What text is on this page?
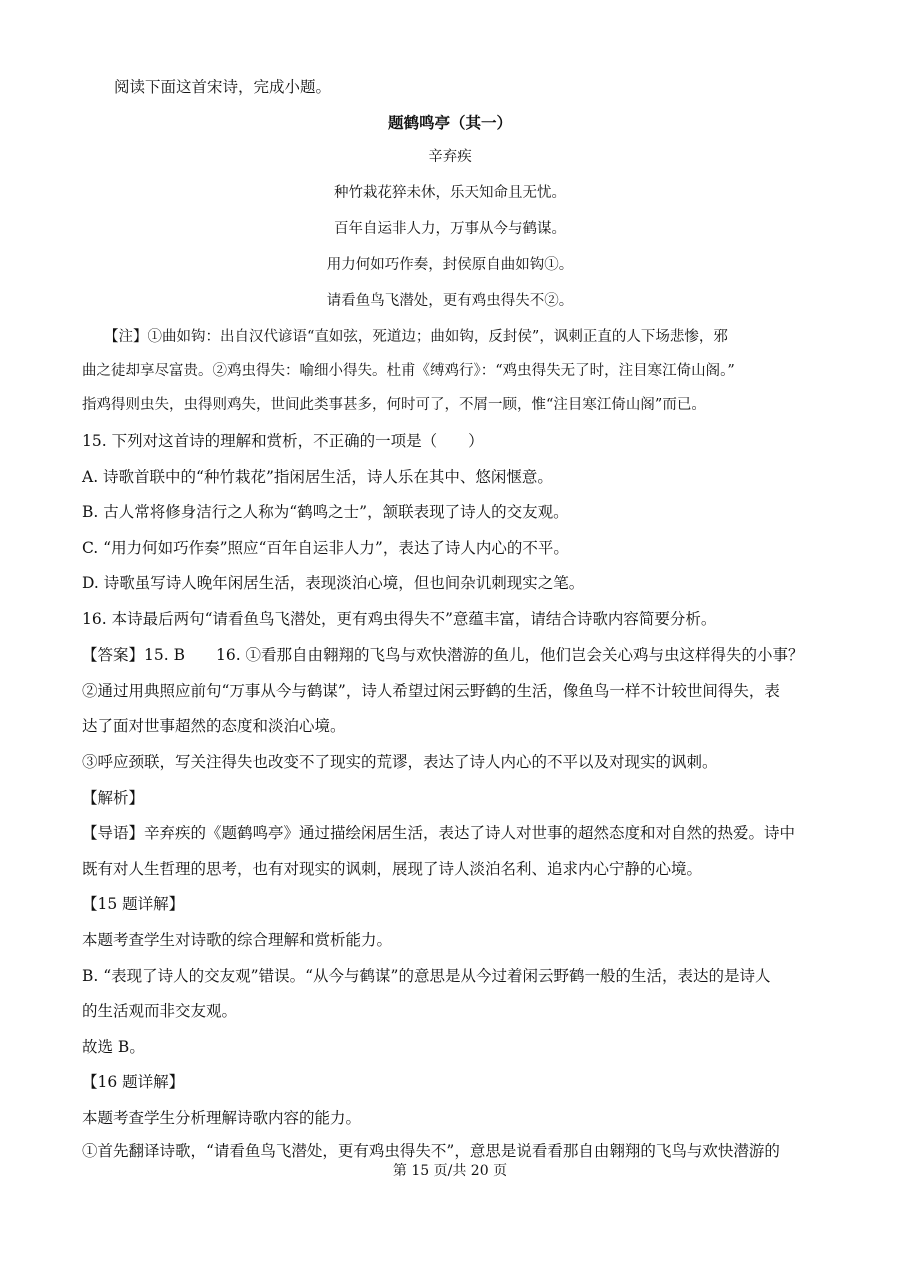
阅读下面这首宋诗，完成小题。
题鹤鸣亭（其一）
辛弃疾
种竹栽花猝未休，乐天知命且无忧。
百年自运非人力，万事从今与鹤谋。
用力何如巧作奏，封侯原自曲如钩①。
请看鱼鸟飞潜处，更有鸡虫得失不②。
【注】①曲如钩：出自汉代谚语“直如弦，死道边；曲如钩，反封侯”，讽刺正直的人下场悲惨，邪
曲之徒却享尽富贵。②鸡虫得失：喻细小得失。杜甫《缚鸡行》：“鸡虫得失无了时，注目寒江倚山阁。”
指鸡得则虫失，虫得则鸡失，世间此类事甚多，何时可了，不屑一顾，惟“注目寒江倚山阁”而已。
15. 下列对这首诗的理解和赏析，不正确的一项是（　　）
A. 诗歌首联中的“种竹栽花”指闲居生活，诗人乐在其中、悠闲惬意。
B. 古人常将修身洁行之人称为“鹤鸣之士”，颔联表现了诗人的交友观。
C. “用力何如巧作奏”照应“百年自运非人力”，表达了诗人内心的不平。
D. 诗歌虽写诗人晚年闲居生活，表现淡泊心境，但也间杂讥刺现实之笔。
16. 本诗最后两句“请看鱼鸟飞潜处，更有鸡虫得失不”意蕴丰富，请结合诗歌内容简要分析。
【答案】15. B　　16. ①看那自由翱翔的飞鸟与欢快潜游的鱼儿，他们岂会关心鸡与虫这样得失的小事？
②通过用典照应前句“万事从今与鹤谋”，诗人希望过闲云野鹤的生活，像鱼鸟一样不计较世间得失，表
达了面对世事超然的态度和淡泊心境。
③呼应颈联，写关注得失也改变不了现实的荒谬，表达了诗人内心的不平以及对现实的讽刺。
【解析】
【导语】辛弃疾的《题鹤鸣亭》通过描绘闲居生活，表达了诗人对世事的超然态度和对自然的热爱。诗中
既有对人生哲理的思考，也有对现实的讽刺，展现了诗人淡泊名利、追求内心宁静的心境。
【15 题详解】
本题考查学生对诗歌的综合理解和赏析能力。
B. “表现了诗人的交友观”错误。“从今与鹤谋”的意思是从今过着闲云野鹤一般的生活，表达的是诗人
的生活观而非交友观。
故选 B。
【16 题详解】
本题考查学生分析理解诗歌内容的能力。
①首先翻译诗歌，“请看鱼鸟飞潜处，更有鸡虫得失不”，意思是说看看那自由翱翔的飞鸟与欢快潜游的
第 15 页/共 20 页
